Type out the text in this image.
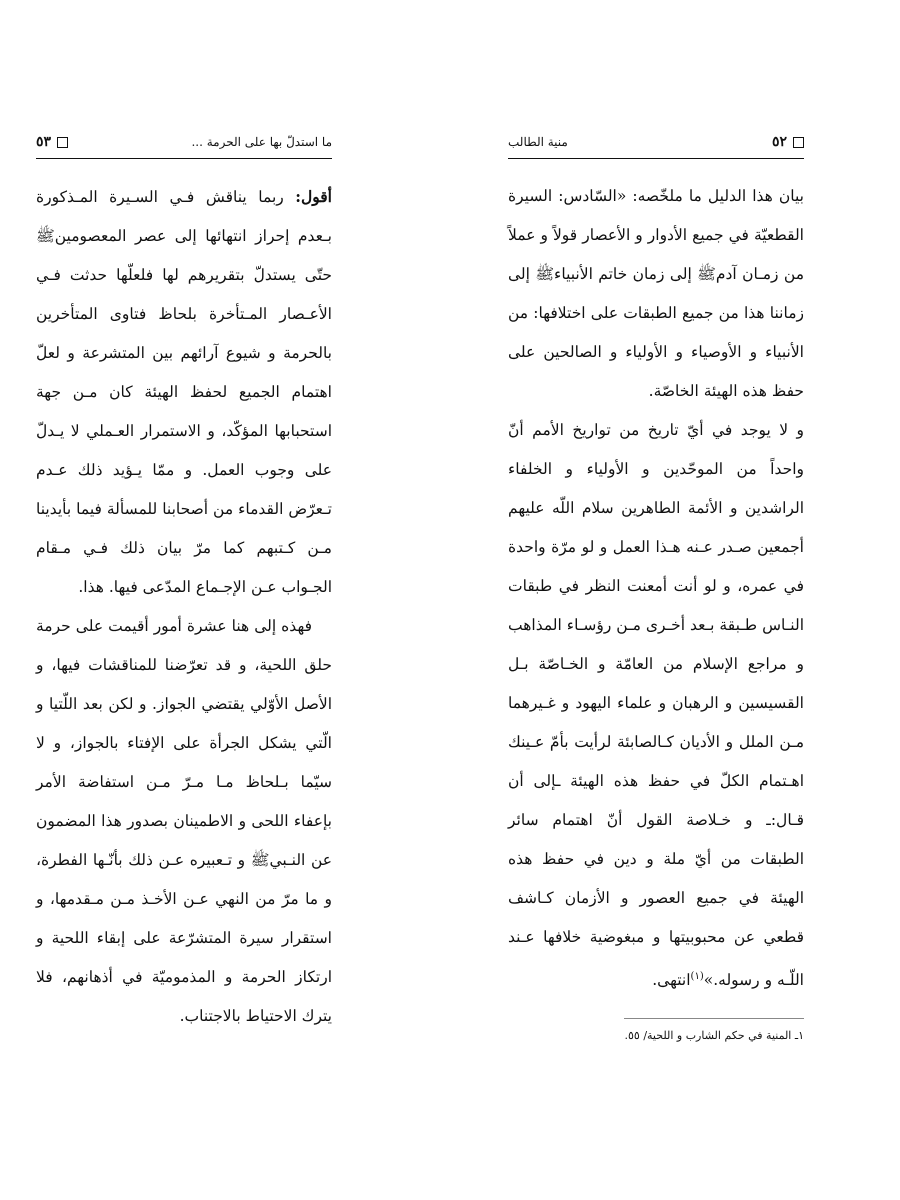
٥٢
منية الطالب

بيان هذا الدليل ما ملخّصه: «السّادس: السيرة القطعيّة في جميع الأدوار و الأعصار قولاً و عملاً من زمـان آدمﷺ إلى زمان خاتم الأنبياءﷺ إلى زماننا هذا من جميع الطبقات على اختلافها: من الأنبياء و الأوصياء و الأولياء و الصالحين على حفظ هذه الهيئة الخاصّة.

و لا يوجد في أيّ تاريخ من تواريخ الأمم أنّ واحداً من الموحّدين و الأولياء و الخلفاء الراشدين و الأئمة الطاهرين سلام اللّه عليهم أجمعين صـدر عـنه هـذا العمل و لو مرّة واحدة في عمره، و لو أنت أمعنت النظر في طبقات النـاس طـبقة بـعد أخـرى مـن رؤسـاء المذاهب و مراجع الإسلام من العامّة و الخـاصّة بـل القسيسين و الرهبان و علماء اليهود و غـيرهما مـن الملل و الأديان كـالصابئة لرأيت بأمّ عـينك اهـتمام الكلّ في حفظ هذه الهيئة ـإلى أن قـال:ـ و خـلاصة القول أنّ اهتمام سائر الطبقات من أيّ ملة و دين في حفظ هذه الهيئة في جميع العصور و الأزمان كـاشف قطعي عن محبوبيتها و مبغوضية خلافها عـند اللّـه و رسوله.»$^{(١)}$انتهى.

١ـ المنية في حكم الشارب و اللحية/ ٥٥.
ما استدلّ بها على الحرمة ...
٥٣

أقول: ربما يناقش فـي السـيرة المـذكورة بـعدم إحراز انتهائها إلى عصر المعصومينﷺ حتّى يستدلّ بتقريرهم لها فلعلّها حدثت فـي الأعـصار المـتأخرة بلحاظ فتاوى المتأخرين بالحرمة و شيوع آرائهم بين المتشرعة و لعلّ اهتمام الجميع لحفظ الهيئة كان مـن جهة استحبابها المؤكّد، و الاستمرار العـملي لا يـدلّ على وجوب العمل. و ممّا يـؤيد ذلك عـدم تـعرّض القدماء من أصحابنا للمسألة فيما بأيدينا مـن كـتبهم كما مرّ بيان ذلك فـي مـقام الجـواب عـن الإجـماع المدّعى فيها. هذا.

فهذه إلى هنا عشرة أمور أقيمت على حرمة حلق اللحية، و قد تعرّضنا للمناقشات فيها، و الأصل الأوّلي يقتضي الجواز. و لكن بعد اللّتيا و الّتي يشكل الجرأة على الإفتاء بالجواز، و لا سيّما بـلحاظ مـا مـرّ مـن استفاضة الأمر بإعفاء اللحى و الاطمينان بصدور هذا المضمون عن النـبيﷺ و تـعبيره عـن ذلك بأنّـها الفطرة، و ما مرّ من النهي عـن الأخـذ مـن مـقدمها، و استقرار سيرة المتشرّعة على إبقاء اللحية و ارتكاز الحرمة و المذموميّة في أذهانهم، فلا يترك الاحتياط بالاجتناب.
